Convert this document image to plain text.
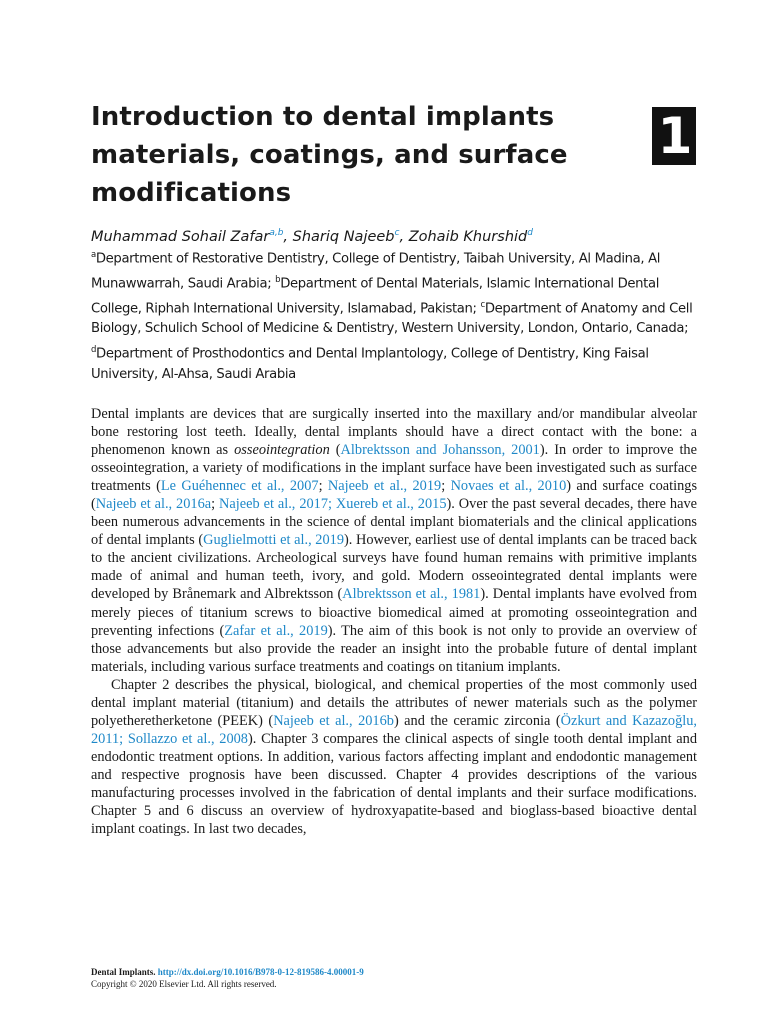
Introduction to dental implants
materials, coatings, and surface
modifications
1
Muhammad Sohail Zafar$^{a,b}$, Shariq Najeeb$^c$, Zohaib Khurshid$^d$
$^a$Department of Restorative Dentistry, College of Dentistry, Taibah University, Al Madina, Al Munawwarrah, Saudi Arabia; $^b$Department of Dental Materials, Islamic International Dental College, Riphah International University, Islamabad, Pakistan; $^c$Department of Anatomy and Cell Biology, Schulich School of Medicine & Dentistry, Western University, London, Ontario, Canada; $^d$Department of Prosthodontics and Dental Implantology, College of Dentistry, King Faisal University, Al-Ahsa, Saudi Arabia

Dental implants are devices that are surgically inserted into the maxillary and/or mandibular alveolar bone restoring lost teeth. Ideally, dental implants should have a direct contact with the bone: a phenomenon known as osseointegration (Albrektsson and Johansson, 2001). In order to improve the osseointegration, a variety of modifications in the implant surface have been investigated such as surface treatments (Le Guéhennec et al., 2007; Najeeb et al., 2019; Novaes et al., 2010) and surface coatings (Najeeb et al., 2016a; Najeeb et al., 2017; Xuereb et al., 2015). Over the past several decades, there have been numerous advancements in the science of dental implant biomaterials and the clinical applications of dental implants (Guglielmotti et al., 2019). However, earliest use of dental implants can be traced back to the ancient civilizations. Archeological surveys have found human remains with primitive implants made of animal and human teeth, ivory, and gold. Modern osseointegrated dental implants were developed by Brånemark and Albrektsson (Albrektsson et al., 1981). Dental implants have evolved from merely pieces of titanium screws to bioactive biomedical aimed at promoting osseointegration and preventing infections (Zafar et al., 2019). The aim of this book is not only to provide an overview of those advancements but also provide the reader an insight into the probable future of dental implant materials, including various surface treatments and coatings on titanium implants.

Chapter 2 describes the physical, biological, and chemical properties of the most commonly used dental implant material (titanium) and details the attributes of newer materials such as the polymer polyetheretherketone (PEEK) (Najeeb et al., 2016b) and the ceramic zirconia (Özkurt and Kazazoğlu, 2011; Sollazzo et al., 2008). Chapter 3 compares the clinical aspects of single tooth dental implant and endodontic treatment options. In addition, various factors affecting implant and endodontic management and respective prognosis have been discussed. Chapter 4 provides descriptions of the various manufacturing processes involved in the fabrication of dental implants and their surface modifications. Chapter 5 and 6 discuss an overview of hydroxyapatite-based and bioglass-based bioactive dental implant coatings. In last two decades,

Dental Implants. http://dx.doi.org/10.1016/B978-0-12-819586-4.00001-9
Copyright © 2020 Elsevier Ltd. All rights reserved.
